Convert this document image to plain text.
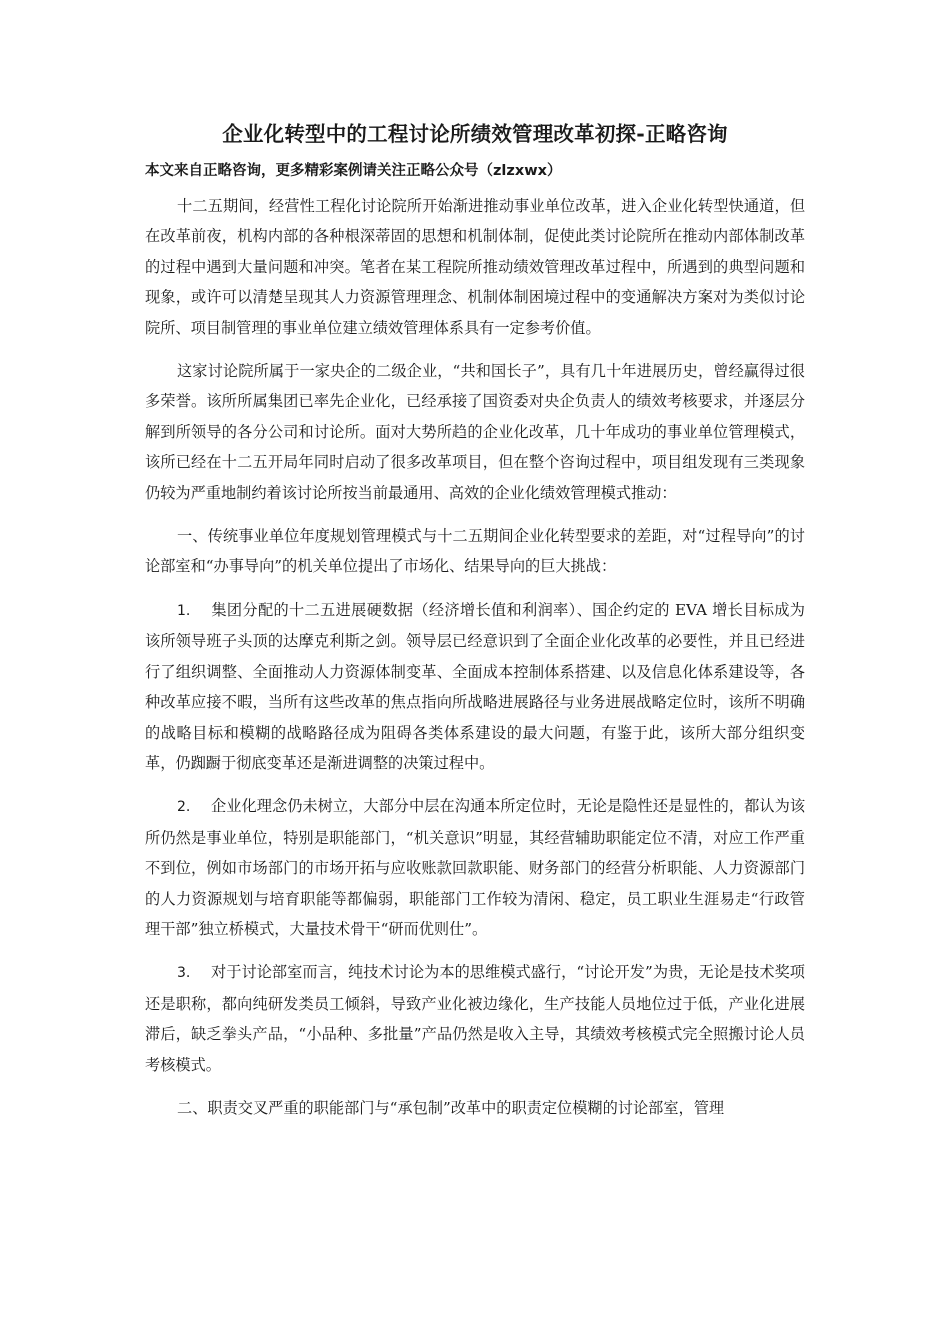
企业化转型中的工程讨论所绩效管理改革初探-正略咨询

本文来自正略咨询，更多精彩案例请关注正略公众号（zlzxwx）

十二五期间，经营性工程化讨论院所开始渐进推动事业单位改革，进入企业化转型快通道，但在改革前夜，机构内部的各种根深蒂固的思想和机制体制，促使此类讨论院所在推动内部体制改革的过程中遇到大量问题和冲突。笔者在某工程院所推动绩效管理改革过程中，所遇到的典型问题和现象，或许可以清楚呈现其人力资源管理理念、机制体制困境过程中的变通解决方案对为类似讨论院所、项目制管理的事业单位建立绩效管理体系具有一定参考价值。

这家讨论院所属于一家央企的二级企业，“共和国长子”，具有几十年进展历史，曾经赢得过很多荣誉。该所所属集团已率先企业化，已经承接了国资委对央企负责人的绩效考核要求，并逐层分解到所领导的各分公司和讨论所。面对大势所趋的企业化改革，几十年成功的事业单位管理模式，该所已经在十二五开局年同时启动了很多改革项目，但在整个咨询过程中，项目组发现有三类现象仍较为严重地制约着该讨论所按当前最通用、高效的企业化绩效管理模式推动：

一、传统事业单位年度规划管理模式与十二五期间企业化转型要求的差距，对“过程导向”的讨论部室和“办事导向”的机关单位提出了市场化、结果导向的巨大挑战：

1. 集团分配的十二五进展硬数据（经济增长值和利润率）、国企约定的 EVA 增长目标成为该所领导班子头顶的达摩克利斯之剑。领导层已经意识到了全面企业化改革的必要性，并且已经进行了组织调整、全面推动人力资源体制变革、全面成本控制体系搭建、以及信息化体系建设等，各种改革应接不暇，当所有这些改革的焦点指向所战略进展路径与业务进展战略定位时，该所不明确的战略目标和模糊的战略路径成为阻碍各类体系建设的最大问题，有鉴于此，该所大部分组织变革，仍踟蹰于彻底变革还是渐进调整的决策过程中。

2. 企业化理念仍未树立，大部分中层在沟通本所定位时，无论是隐性还是显性的，都认为该所仍然是事业单位，特别是职能部门，“机关意识”明显，其经营辅助职能定位不清，对应工作严重不到位，例如市场部门的市场开拓与应收账款回款职能、财务部门的经营分析职能、人力资源部门的人力资源规划与培育职能等都偏弱，职能部门工作较为清闲、稳定，员工职业生涯易走“行政管理干部”独立桥模式，大量技术骨干“研而优则仕”。

3. 对于讨论部室而言，纯技术讨论为本的思维模式盛行，“讨论开发”为贵，无论是技术奖项还是职称，都向纯研发类员工倾斜，导致产业化被边缘化，生产技能人员地位过于低，产业化进展滞后，缺乏拳头产品，“小品种、多批量”产品仍然是收入主导，其绩效考核模式完全照搬讨论人员考核模式。

二、职责交叉严重的职能部门与“承包制”改革中的职责定位模糊的讨论部室，管理
